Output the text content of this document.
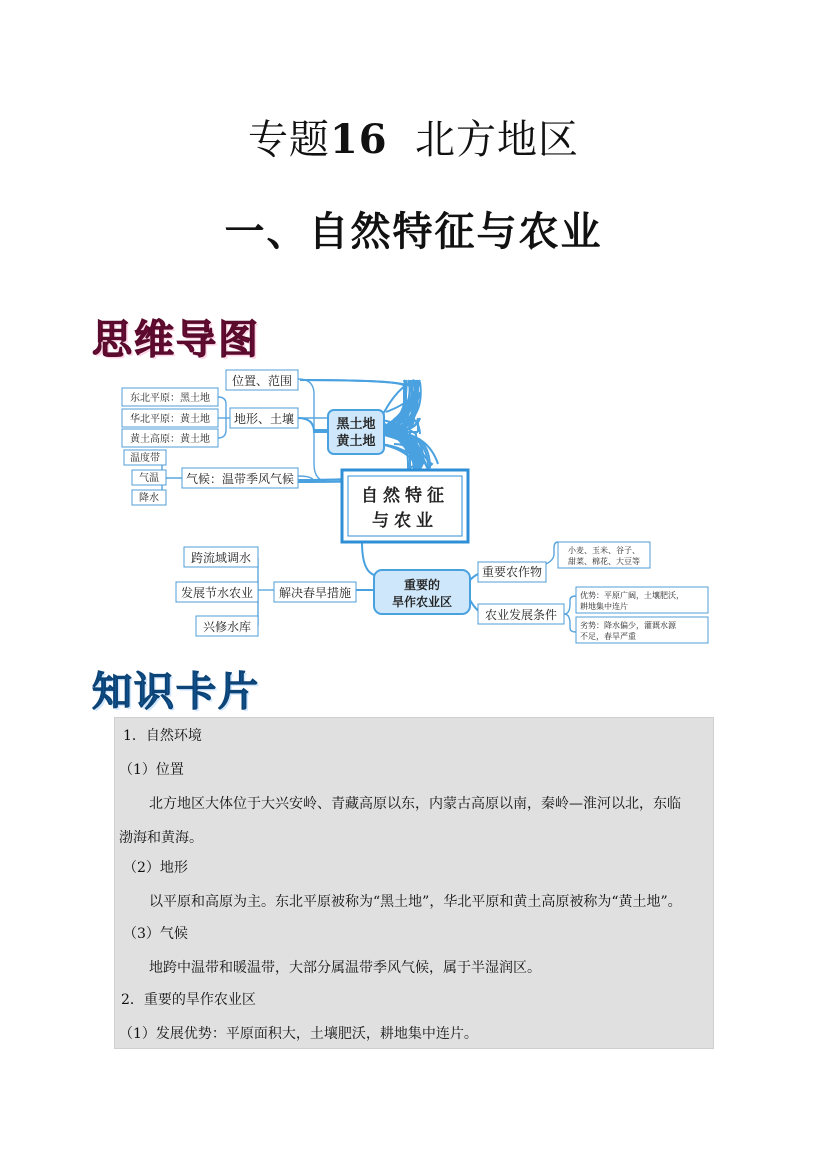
专题16 北方地区
一、自然特征与农业
思维导图
位置、范围
地形、土壤
气候：温带季风气候
东北平原：黑土地
华北平原：黄土地
黄土高原：黄土地
温度带
气温
降水
黑土地
黄土地
自然特征
与农业
重要的
旱作农业区
重要农作物
小麦、玉米、谷子、
甜菜、棉花、大豆等
农业发展条件
优势：平原广阔，土壤肥沃，
耕地集中连片
劣势：降水偏少，灌溉水源
不足，春旱严重
解决春旱措施
跨流域调水
发展节水农业
兴修水库
知识卡片

1．自然环境

（1）位置

北方地区大体位于大兴安岭、青藏高原以东，内蒙古高原以南，秦岭—淮河以北，东临

渤海和黄海。

（2）地形

以平原和高原为主。东北平原被称为“黑土地”，华北平原和黄土高原被称为“黄土地”。

（3）气候

地跨中温带和暖温带，大部分属温带季风气候，属于半湿润区。

2．重要的旱作农业区

（1）发展优势：平原面积大，土壤肥沃，耕地集中连片。
